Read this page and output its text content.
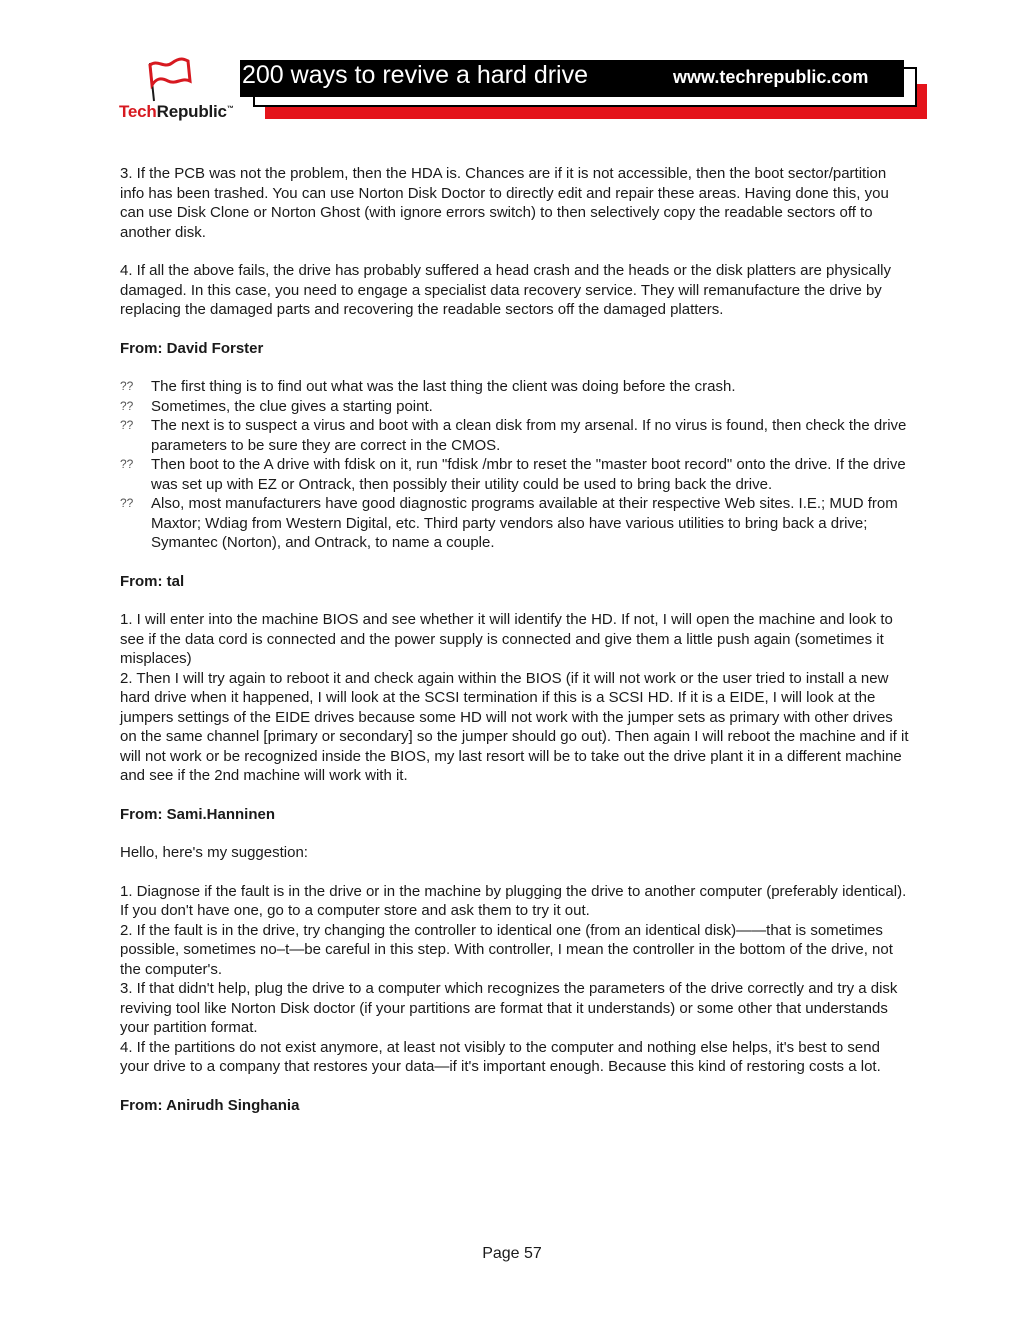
TechRepublic™
200 ways to revive a hard drive	www.techrepublic.com

3. If the PCB was not the problem, then the HDA is. Chances are if it is not accessible, then the boot sector/partition info has been trashed. You can use Norton Disk Doctor to directly edit and repair these areas. Having done this, you can use Disk Clone or Norton Ghost (with ignore errors switch) to then selectively copy the readable sectors off to another disk.

4. If all the above fails, the drive has probably suffered a head crash and the heads or the disk platters are physically damaged. In this case, you need to engage a specialist data recovery service. They will remanufacture the drive by replacing the damaged parts and recovering the readable sectors off the damaged platters.

From: David Forster
?? The first thing is to find out what was the last thing the client was doing before the crash.
?? Sometimes, the clue gives a starting point.
?? The next is to suspect a virus and boot with a clean disk from my arsenal. If no virus is found, then check the drive parameters to be sure they are correct in the CMOS.
?? Then boot to the A drive with fdisk on it, run "fdisk /mbr to reset the "master boot record" onto the drive. If the drive was set up with EZ or Ontrack, then possibly their utility could be used to bring back the drive.
?? Also, most manufacturers have good diagnostic programs available at their respective Web sites. I.E.; MUD from Maxtor; Wdiag from Western Digital, etc. Third party vendors also have various utilities to bring back a drive; Symantec (Norton), and Ontrack, to name a couple.
From: tal
1. I will enter into the machine BIOS and see whether it will identify the HD. If not, I will open the machine and look to see if the data cord is connected and the power supply is connected and give them a little push again (sometimes it misplaces)

2. Then I will try again to reboot it and check again within the BIOS (if it will not work or the user tried to install a new hard drive when it happened, I will look at the SCSI termination if this is a SCSI HD. If it is a EIDE, I will look at the jumpers settings of the EIDE drives because some HD will not work with the jumper sets as primary with other drives on the same channel [primary or secondary] so the jumper should go out). Then again I will reboot the machine and if it will not work or be recognized inside the BIOS, my last resort will be to take out the drive plant it in a different machine and see if the 2nd machine will work with it.

From: Sami.Hanninen

Hello, here's my suggestion:

1. Diagnose if the fault is in the drive or in the machine by plugging the drive to another computer (preferably identical). If you don't have one, go to a computer store and ask them to try it out.
2. If the fault is in the drive, try changing the controller to identical one (from an identical disk)——that is sometimes possible, sometimes no–t—be careful in this step. With controller, I mean the controller in the bottom of the drive, not the computer's.
3. If that didn't help, plug the drive to a computer which recognizes the parameters of the drive correctly and try a disk reviving tool like Norton Disk doctor (if your partitions are format that it understands) or some other that understands your partition format.

4. If the partitions do not exist anymore, at least not visibly to the computer and nothing else helps, it's best to send your drive to a company that restores your data—if it's important enough. Because this kind of restoring costs a lot.

From: Anirudh Singhania
Page 57
